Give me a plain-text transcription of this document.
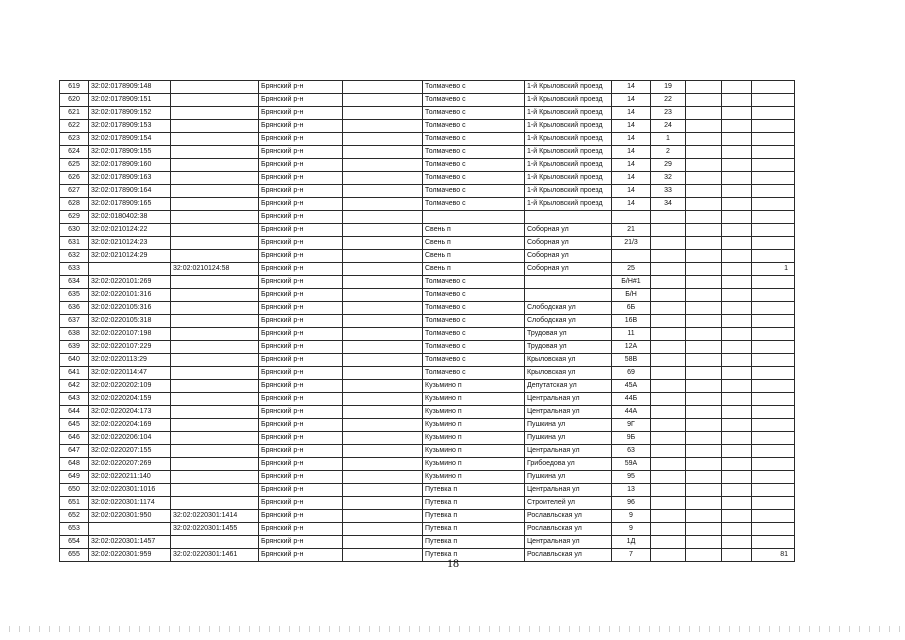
619	32:02:0178909:148		Брянский р-н		Толмачево с	1-й Крыловский проезд	14	19			
620	32:02:0178909:151		Брянский р-н		Толмачево с	1-й Крыловский проезд	14	22			
621	32:02:0178909:152		Брянский р-н		Толмачево с	1-й Крыловский проезд	14	23			
622	32:02:0178909:153		Брянский р-н		Толмачево с	1-й Крыловский проезд	14	24			
623	32:02:0178909:154		Брянский р-н		Толмачево с	1-й Крыловский проезд	14	1			
624	32:02:0178909:155		Брянский р-н		Толмачево с	1-й Крыловский проезд	14	2			
625	32:02:0178909:160		Брянский р-н		Толмачево с	1-й Крыловский проезд	14	29			
626	32:02:0178909:163		Брянский р-н		Толмачево с	1-й Крыловский проезд	14	32			
627	32:02:0178909:164		Брянский р-н		Толмачево с	1-й Крыловский проезд	14	33			
628	32:02:0178909:165		Брянский р-н		Толмачево с	1-й Крыловский проезд	14	34			
629	32:02:0180402:38		Брянский р-н								
630	32:02:0210124:22		Брянский р-н		Свень п	Соборная ул	21				
631	32:02:0210124:23		Брянский р-н		Свень п	Соборная ул	21/3				
632	32:02:0210124:29		Брянский р-н		Свень п	Соборная ул					
633		32:02:0210124:58	Брянский р-н		Свень п	Соборная ул	25				1
634	32:02:0220101:269		Брянский р-н		Толмачево с		Б/Н#1				
635	32:02:0220101:316		Брянский р-н		Толмачево с		Б/Н				
636	32:02:0220105:316		Брянский р-н		Толмачево с	Слободская ул	6Б				
637	32:02:0220105:318		Брянский р-н		Толмачево с	Слободская ул	16В				
638	32:02:0220107:198		Брянский р-н		Толмачево с	Трудовая ул	11				
639	32:02:0220107:229		Брянский р-н		Толмачево с	Трудовая ул	12А				
640	32:02:0220113:29		Брянский р-н		Толмачево с	Крыловская ул	58В				
641	32:02:0220114:47		Брянский р-н		Толмачево с	Крыловская ул	69				
642	32:02:0220202:109		Брянский р-н		Кузьмино п	Депутатская ул	45А				
643	32:02:0220204:159		Брянский р-н		Кузьмино п	Центральная ул	44Б				
644	32:02:0220204:173		Брянский р-н		Кузьмино п	Центральная ул	44А				
645	32:02:0220204:169		Брянский р-н		Кузьмино п	Пушкина ул	9Г				
646	32:02:0220206:104		Брянский р-н		Кузьмино п	Пушкина ул	9Б				
647	32:02:0220207:155		Брянский р-н		Кузьмино п	Центральная ул	63				
648	32:02:0220207:269		Брянский р-н		Кузьмино п	Грибоедова ул	59А				
649	32:02:0220211:140		Брянский р-н		Кузьмино п	Пушкина ул	95				
650	32:02:0220301:1016		Брянский р-н		Путевка п	Центральная ул	13				
651	32:02:0220301:1174		Брянский р-н		Путевка п	Строителей ул	96				
652	32:02:0220301:950	32:02:0220301:1414	Брянский р-н		Путевка п	Рославльская ул	9				
653		32:02:0220301:1455	Брянский р-н		Путевка п	Рославльская ул	9				
654	32:02:0220301:1457		Брянский р-н		Путевка п	Центральная ул	1Д				
655	32:02:0220301:959	32:02:0220301:1461	Брянский р-н		Путевка п	Рославльская ул	7				81
18
